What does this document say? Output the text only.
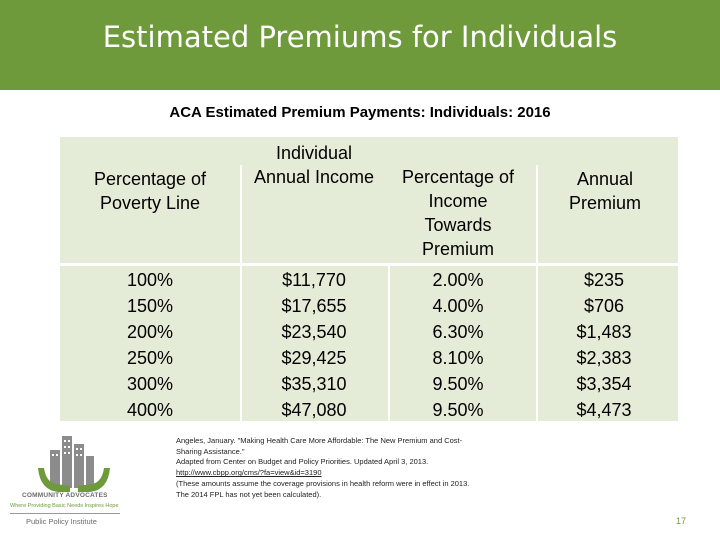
Estimated Premiums for Individuals
ACA Estimated Premium Payments: Individuals: 2016
Percentage of
Poverty Line
Individual
Annual Income	Percentage of
Income
Towards
Premium
Annual
Premium
100%
150%
200%
250%
300%
400%
$11,770
$17,655
$23,540
$29,425
$35,310
$47,080
2.00%
4.00%
6.30%
8.10%
9.50%
9.50%
$235
$706
$1,483
$2,383
$3,354
$4,473
COMMUNITY ADVOCATES
Where Providing Basic Needs Inspires Hope
Public Policy Institute
Angeles, January. "Making Health Care More Affordable: The New Premium and Cost-
Sharing Assistance."
Adapted from Center on Budget and Policy Priorities. Updated April 3, 2013.
http://www.cbpp.org/cms/?fa=view&id=3190
(These amounts assume the coverage provisions in health reform were in effect in 2013.
The 2014 FPL has not yet been calculated).
17
